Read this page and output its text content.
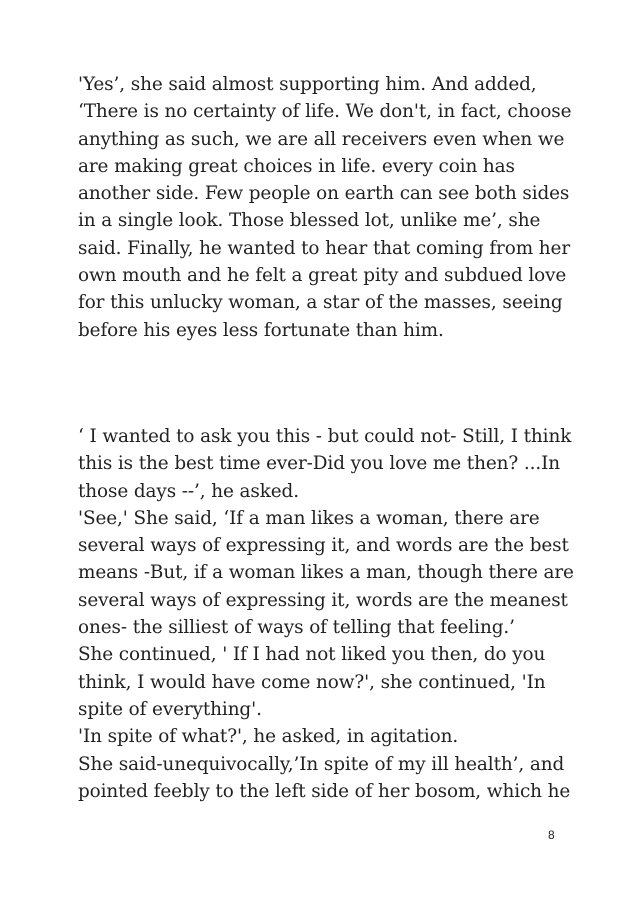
'Yes’, she said almost supporting him. And added,
‘There is no certainty of life. We don't, in fact, choose
anything as such, we are all receivers even when we
are making great choices in life. every coin has
another side. Few people on earth can see both sides
in a single look. Those blessed lot, unlike me’, she
said. Finally, he wanted to hear that coming from her
own mouth and he felt a great pity and subdued love
for this unlucky woman, a star of the masses, seeing
before his eyes less fortunate than him.
‘ I wanted to ask you this - but could not- Still, I think
this is the best time ever-Did you love me then? ...In
those days --’, he asked.
'See,' She said, ‘If a man likes a woman, there are
several ways of expressing it, and words are the best
means -But, if a woman likes a man, though there are
several ways of expressing it, words are the meanest
ones- the silliest of ways of telling that feeling.’
She continued, ' If I had not liked you then, do you
think, I would have come now?', she continued, 'In
spite of everything'.
'In spite of what?', he asked, in agitation.
She said-unequivocally,’In spite of my ill health’, and
pointed feebly to the left side of her bosom, which he
8
